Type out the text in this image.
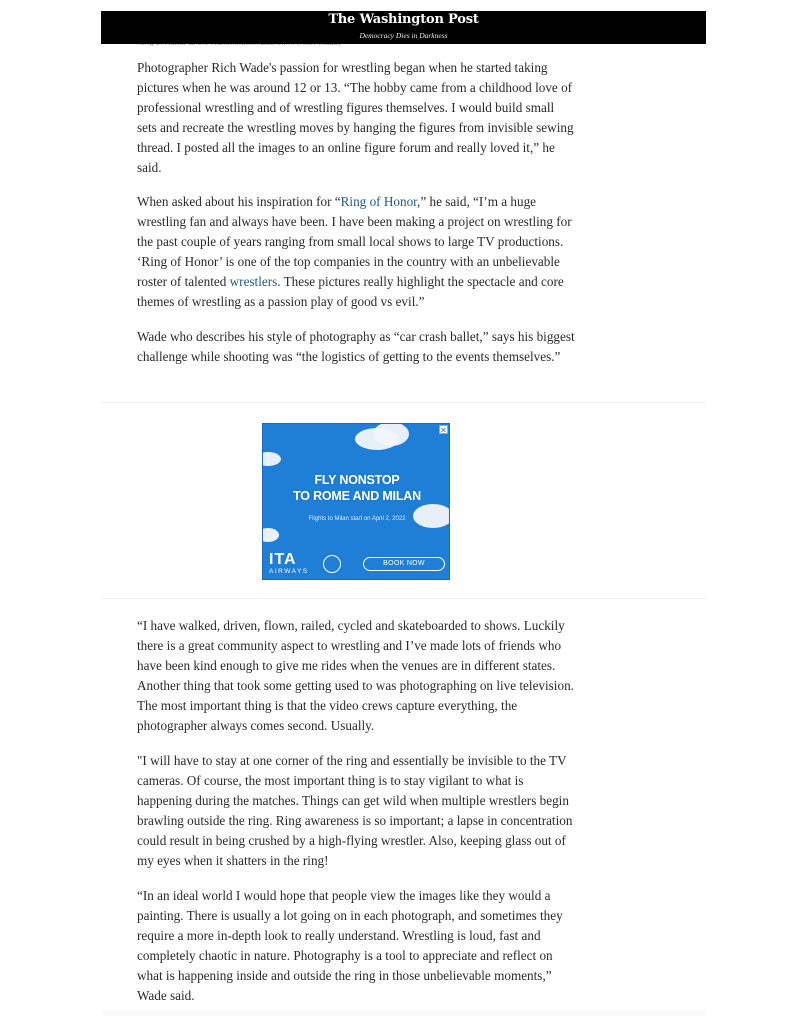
The Washington Post
Democracy Dies in Darkness

Photographer Rich Wade's passion for wrestling began when he started taking pictures when he was around 12 or 13. “The hobby came from a childhood love of professional wrestling and of wrestling figures themselves. I would build small sets and recreate the wrestling moves by hanging the figures from invisible sewing thread. I posted all the images to an online figure forum and really loved it,” he said.

When asked about his inspiration for “Ring of Honor,” he said, “I’m a huge wrestling fan and always have been. I have been making a project on wrestling for the past couple of years ranging from small local shows to large TV productions. ‘Ring of Honor’ is one of the top companies in the country with an unbelievable roster of talented wrestlers. These pictures really highlight the spectacle and core themes of wrestling as a passion play of good vs evil.”

Wade who describes his style of photography as “car crash ballet,” says his biggest challenge while shooting was “the logistics of getting to the events themselves.”

✕
FLY NONSTOP
TO ROME AND MILAN
Flights to Milan start on April 2, 2022
ITA
AIRWAYS
BOOK NOW

“I have walked, driven, flown, railed, cycled and skateboarded to shows. Luckily there is a great community aspect to wrestling and I’ve made lots of friends who have been kind enough to give me rides when the venues are in different states. Another thing that took some getting used to was photographing on live television. The most important thing is that the video crews capture everything, the photographer always comes second. Usually.

"I will have to stay at one corner of the ring and essentially be invisible to the TV cameras. Of course, the most important thing is to stay vigilant to what is happening during the matches. Things can get wild when multiple wrestlers begin brawling outside the ring. Ring awareness is so important; a lapse in concentration could result in being crushed by a high-flying wrestler. Also, keeping glass out of my eyes when it shatters in the ring!

“In an ideal world I would hope that people view the images like they would a painting. There is usually a lot going on in each photograph, and sometimes they require a more in-depth look to really understand. Wrestling is loud, fast and completely chaotic in nature. Photography is a tool to appreciate and reflect on what is happening inside and outside the ring in those unbelievable moments,” Wade said.
